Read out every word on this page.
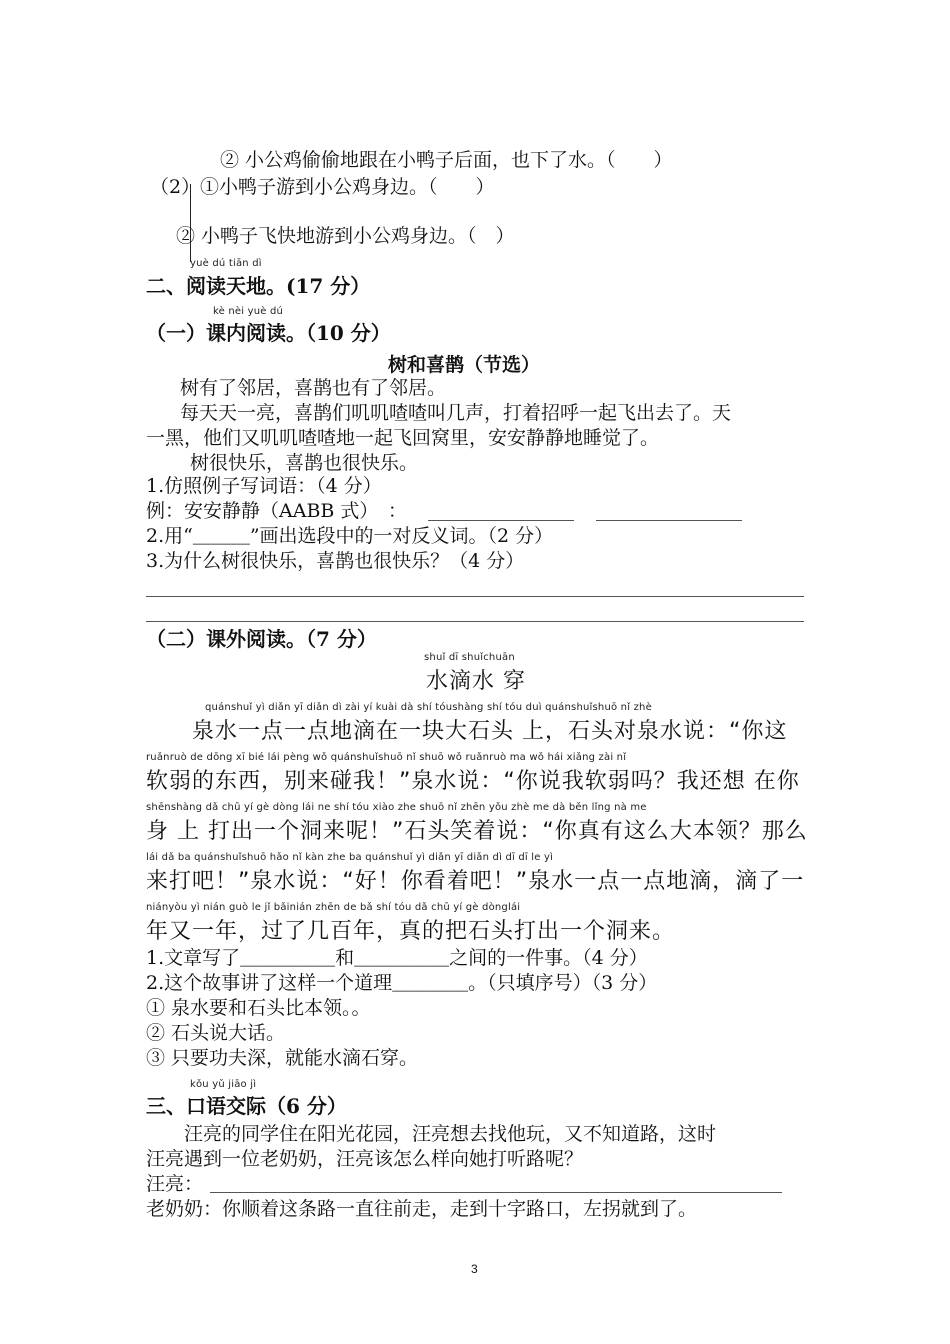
② 小公鸡偷偷地跟在小鸭子后面，也下了水。（　　）
（2） ①小鸭子游到小公鸡身边。（　　）
② 小鸭子飞快地游到小公鸡身边。（　）
yuè dú tiān dì
二、阅读天地。(17 分）
kè nèi yuè dú
（一）课内阅读。（10 分）
树和喜鹊（节选）
树有了邻居，喜鹊也有了邻居。
每天天一亮，喜鹊们叽叽喳喳叫几声，打着招呼一起飞出去了。天
一黑，他们又叽叽喳喳地一起飞回窝里，安安静静地睡觉了。
树很快乐，喜鹊也很快乐。
1.仿照例子写词语：（4 分）
例：安安静静（AABB 式）　：
2.用“＿＿＿”画出选段中的一对反义词。（2 分）
3.为什么树很快乐，喜鹊也很快乐？（4 分）
（二）课外阅读。（7 分）
shuǐ dī shuǐchuān
水滴水 穿
quánshuǐ yì diǎn yī diǎn dì zài yí kuài dà shí tóushàng shí tóu duì quánshuǐshuō nǐ zhè
　　泉水一点一点地滴在一块大石头 上，石头对泉水说：“你这
ruǎnruò de dōng xī bié lái pèng wǒ quánshuǐshuō nǐ shuō wǒ ruǎnruò ma wǒ hái xiǎng zài nǐ
软弱的东西，别来碰我！”泉水说：“你说我软弱吗？我还想 在你
shēnshàng dǎ chū yí gè dòng lái ne shí tóu xiào zhe shuō nǐ zhēn yǒu zhè me dà běn lǐng nà me
身 上 打出一个洞来呢！”石头笑着说：“你真有这么大本领？那么
lái dǎ ba quánshuǐshuō hǎo nǐ kàn zhe ba quánshuǐ yì diǎn yī diǎn dì dī dī le yì
来打吧！”泉水说：“好！你看着吧！”泉水一点一点地滴，滴了一
niányòu yì nián guò le jǐ bǎinián zhēn de bǎ shí tóu dǎ chū yí gè dònglái
年又一年，过了几百年，真的把石头打出一个洞来。
1.文章写了＿＿＿＿＿和＿＿＿＿＿之间的一件事。（4 分）
2.这个故事讲了这样一个道理＿＿＿＿。（只填序号）（3 分）
① 泉水要和石头比本领。。
② 石头说大话。
③ 只要功夫深，就能水滴石穿。
kǒu yǔ jiāo jì
三、口语交际（6 分）
　　汪亮的同学住在阳光花园，汪亮想去找他玩，又不知道路，这时
汪亮遇到一位老奶奶，汪亮该怎么样向她打听路呢？
汪亮：
老奶奶：你顺着这条路一直往前走，走到十字路口，左拐就到了。
3
